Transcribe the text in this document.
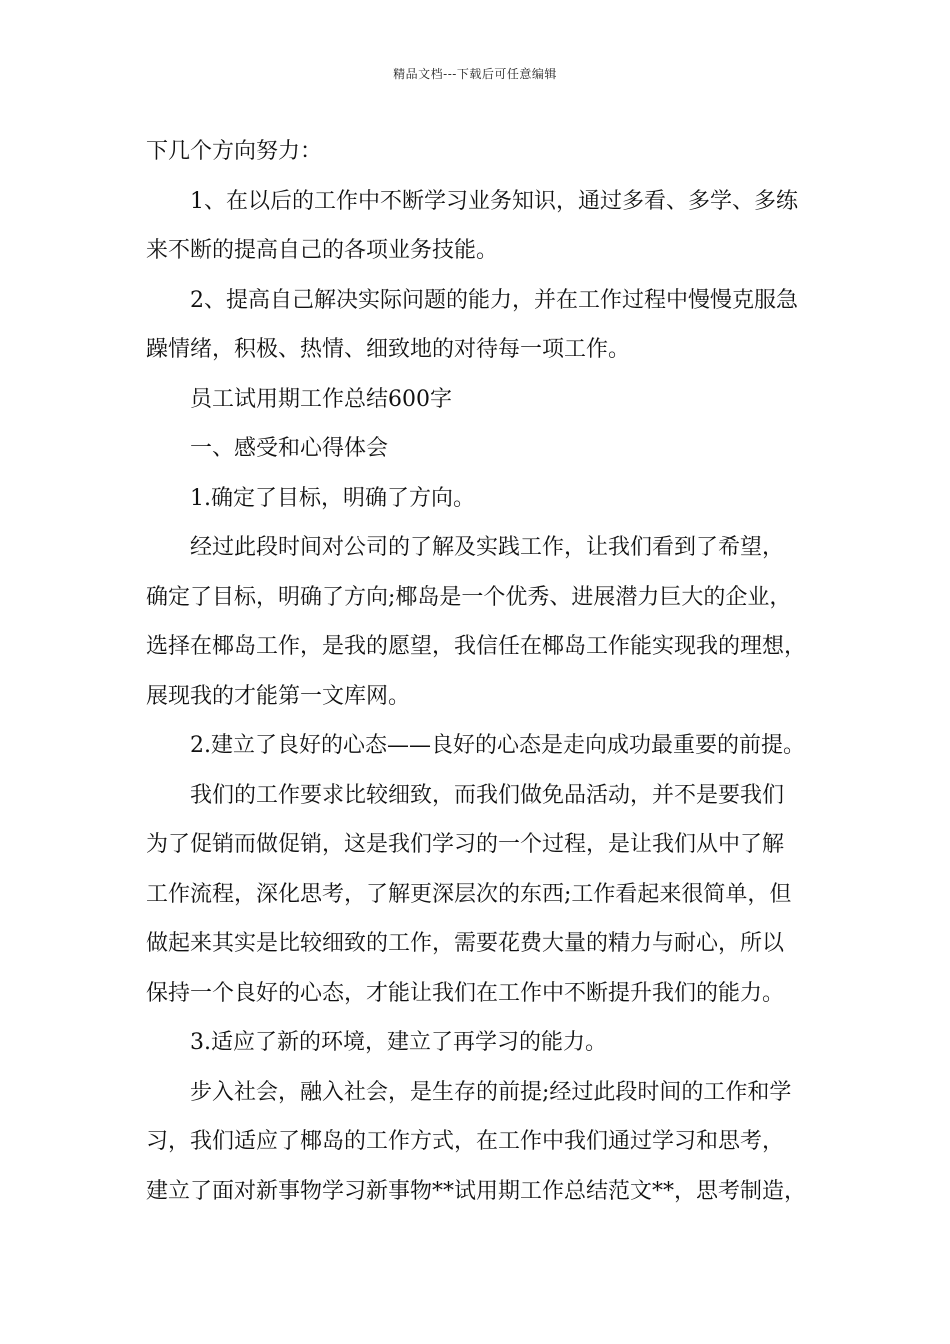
精品文档---下载后可任意编辑
下几个方向努力：
1、在以后的工作中不断学习业务知识，通过多看、多学、多练
来不断的提高自己的各项业务技能。
2、提高自己解决实际问题的能力，并在工作过程中慢慢克服急
躁情绪，积极、热情、细致地的对待每一项工作。
员工试用期工作总结600字
一、感受和心得体会
1.确定了目标，明确了方向。
经过此段时间对公司的了解及实践工作，让我们看到了希望，
确定了目标，明确了方向;椰岛是一个优秀、进展潜力巨大的企业，
选择在椰岛工作，是我的愿望，我信任在椰岛工作能实现我的理想，
展现我的才能第一文库网。
2.建立了良好的心态——良好的心态是走向成功最重要的前提。
我们的工作要求比较细致，而我们做免品活动，并不是要我们
为了促销而做促销，这是我们学习的一个过程，是让我们从中了解
工作流程，深化思考，了解更深层次的东西;工作看起来很简单，但
做起来其实是比较细致的工作，需要花费大量的精力与耐心，所以
保持一个良好的心态，才能让我们在工作中不断提升我们的能力。
3.适应了新的环境，建立了再学习的能力。
步入社会，融入社会，是生存的前提;经过此段时间的工作和学
习，我们适应了椰岛的工作方式，在工作中我们通过学习和思考，
建立了面对新事物学习新事物**试用期工作总结范文**，思考制造，
